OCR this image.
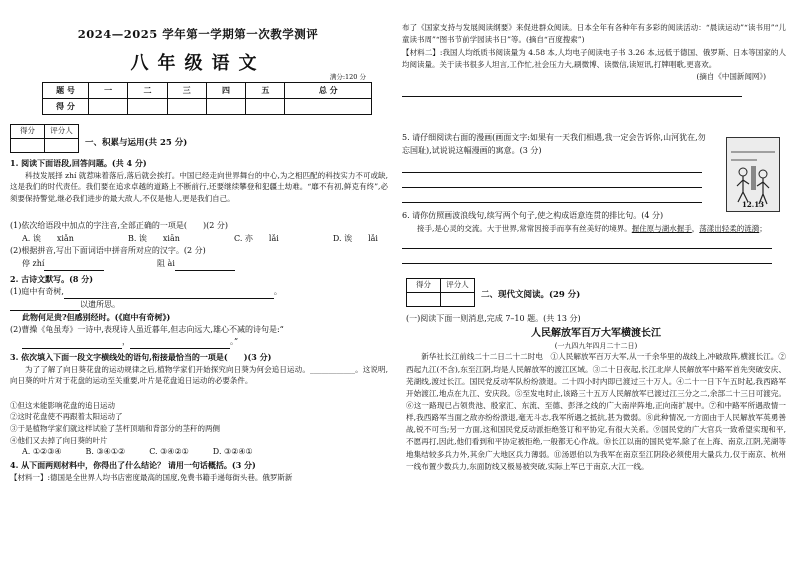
2024—2025 学年第一学期第一次教学测评
八年级语文
满分:120 分
题 号	一	二	三	四	五	总 分
得 分						
得分	评分人

一、积累与运用(共 25 分)
1. 阅读下面语段,回答问题。(共 4 分)
科技发展择 zhí 就惹味着落后,落后就会挨打。中国已经走向世界舞台的中心,为之相匹配的科技实力不可或缺,这是我们的时代责任。我们要在追求卓越的道路上不断前行,还要继续攀登和犯疆土劫难。“靡不有初,鲜克有终”,必须要保持警觉,继必我们进步的最大敌人,不仅是他人,更是我们自己。
(1)依次给语段中加点的字注音,全部正确的一项是(　　)(2 分)
A. 诶　　xiǎn	B. 诶　　xiān	C. 亦　　lǎi	D. 诶　　lǎi
(2)根据拼音,写出下面词语中拼音所对应的汉字。(2 分)
停 zhí	阻 ài
2. 古诗文默写。(8 分)
(1)庭中有奇树,	。
以遗所思。
此物何足贵?但感别经时。(《庭中有奇树》)
(2)曹操《龟虽寿》一诗中,表现诗人虽近暮年,但志向远大,雄心不减的诗句是:“
，	。”
3. 依次填入下面一段文字横线处的语句,衔接最恰当的一项是(　　)(3 分)
为了了解了向日葵花盘的运动规律之后,植物学家们开始探究向日葵为何会追日运动。____________。这说明,向日葵的叶片对于花盘的运动至关重要,叶片是花盘追日运动的必要条件。
①但这未能影响花盘的追日运动
②这时花盘使不再跟着太阳运动了
③于是植物学家们就这样试验了茎杆顶端和背部分的茎秆的两侧
④他们又去掉了向日葵的叶片
A. ①②③④　　　B. ③④①②　　　C. ③④②①　　　D. ③②④①
4. 从下面两则材料中，你得出了什么结论？ 请用一句话概括。(3 分)
【材料一】:德国是全世界人均书店密度最高的国度,免费书籍手递每街头巷。俄罗斯新
布了《国家支持与发展阅读纲要》来促进群众阅读。日本全年有各种年有多彩的阅读活动：“晨读运动”“读书用”“儿童读书周”“图书节前学园读书日”等。(摘自“百度搜索”)
【材料二】:我国人均纸质书阅读量为 4.58 本,人均电子阅读电子书 3.26 本,远低于德国、俄罗斯、日本等国家的人均阅读量。关于读书很多人坦言,工作忙,社会压力大,刷微博、读微信,读短讯,打牌唱歌,更喜欢。
(摘自《中国新闻网》)
5. 请仔细阅读右面的漫画(画面文字:如果有一天我们相遇,我一定会告诉你,山河犹在,勿忘国耻),试说说这幅漫画的寓意。(3 分)
12.13
6. 请你仿照画波浪线句,续写两个句子,使之构成语意连贯的排比句。(4 分)
接手,是心灵的交流。大于世界,常常因接手而享有丝美好的境界。握住原与湖水握手，荡漾出轻柔的涟漪；
得分	评分人

二、现代文阅读。(29 分)
(一)阅读下面一则消息,完成 7–10 题。(共 13 分)
人民解放军百万大军横渡长江
(一九四九年四月二十二日)
新华社长江前线二十二日二十二时电　①人民解放军百万大军,从一千余华里的战线上,冲破敌阵,横渡长江。②西起九江(不含),东至江阴,均是人民解放军的渡江区域。③二十日夜起,长江北岸人民解放军中路军首先突破安庆、芜湖线,渡过长江。国民党反动军队纷纷溃退。二十四小时内即已渡过三十万人。④二十一日下午五时起,我西路军开始渡江,地点在九江、安庆段。⑤至发电时止,该路三十五万人民解放军已渡过江三分之二,余部二十三日可渡完。⑥这一路现已占领贵池、殷家汇、东流、至德、彭泽之线的广大南岸阵地,正向南扩展中。⑦和中路军所遇敌情一样,我西路军当面之敌亦纷纷溃退,毫无斗志,我军所遇之抵抗,甚为微弱。⑧此种情况,一方面由于人民解放军英勇善战,锐不可当;另一方面,这和国民党反动派拒绝签订和平协定,有很大关系。⑨国民党的广大官兵一致希望实现和平,不愿再打,因此,他们看到和平协定被拒绝,一般都无心作战。⑩长江以南的国民党军,除了在上海、南京,江阴,芜湖等地集结较多兵力外,其余广大地区兵力薄弱。⑪汤恩伯以为我军在南京至江阴段必须使用大量兵力,仅于南京、杭州一线布置少数兵力,东面防线又极易被突破,实际上军已于南京,大江一线。
